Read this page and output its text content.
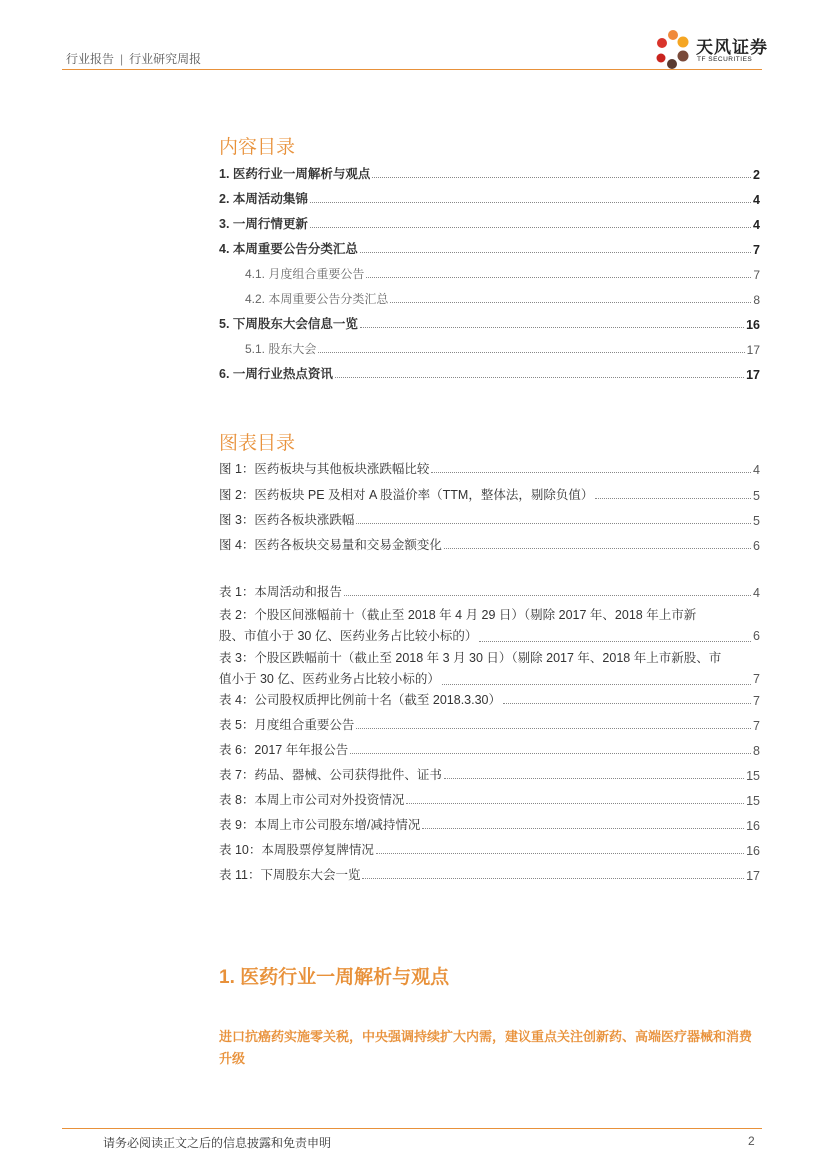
行业报告 | 行业研究周报
天风证券
TF SECURITIES
内容目录
1. 医药行业一周解析与观点	2
2. 本周活动集锦	4
3. 一周行情更新	4
4. 本周重要公告分类汇总	7
4.1. 月度组合重要公告	7
4.2. 本周重要公告分类汇总	8
5. 下周股东大会信息一览	16
5.1. 股东大会	17
6. 一周行业热点资讯	17
图表目录
图 1：医药板块与其他板块涨跌幅比较	4
图 2：医药板块 PE 及相对 A 股溢价率（TTM，整体法，剔除负值）	5
图 3：医药各板块涨跌幅	5
图 4：医药各板块交易量和交易金额变化	6
表 1：本周活动和报告	4
表 2：个股区间涨幅前十（截止至 2018 年 4 月 29 日）（剔除 2017 年、2018 年上市新
股、市值小于 30 亿、医药业务占比较小标的）	6
表 3：个股区跌幅前十（截止至 2018 年 3 月 30 日）（剔除 2017 年、2018 年上市新股、市
值小于 30 亿、医药业务占比较小标的）	7
表 4：公司股权质押比例前十名（截至 2018.3.30）	7
表 5：月度组合重要公告	7
表 6：2017 年年报公告	8
表 7：药品、器械、公司获得批件、证书	15
表 8：本周上市公司对外投资情况	15
表 9：本周上市公司股东增/减持情况	16
表 10：本周股票停复牌情况	16
表 11：下周股东大会一览	17
1. 医药行业一周解析与观点
进口抗癌药实施零关税，中央强调持续扩大内需，建议重点关注创新药、高端医疗器械和消费升级
请务必阅读正文之后的信息披露和免责申明	2
